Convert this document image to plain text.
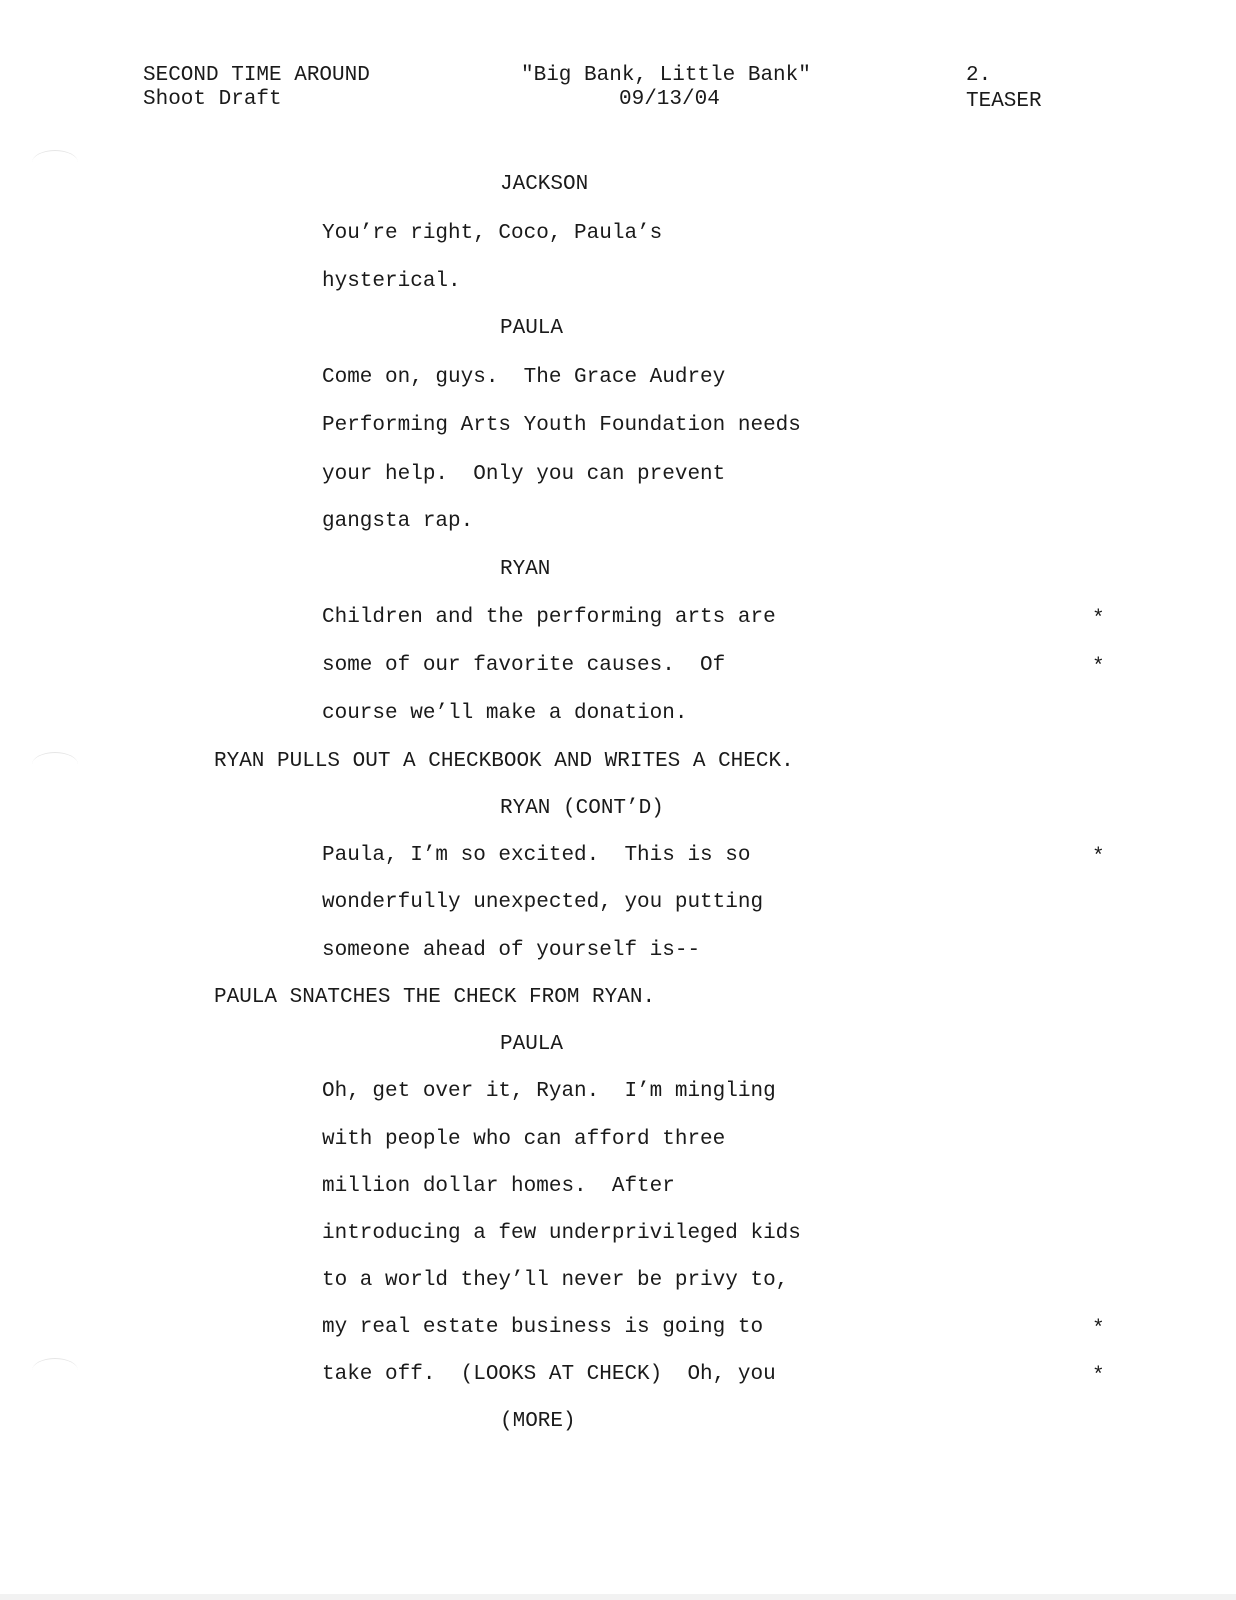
SECOND TIME AROUND
Shoot Draft
"Big Bank, Little Bank"
09/13/04
2.
TEASER
JACKSON
You’re right, Coco, Paula’s
hysterical.
PAULA
Come on, guys.  The Grace Audrey
Performing Arts Youth Foundation needs
your help.  Only you can prevent
gangsta rap.
RYAN
Children and the performing arts are	*
some of our favorite causes.  Of	*
course we’ll make a donation.
RYAN PULLS OUT A CHECKBOOK AND WRITES A CHECK.
RYAN (CONT’D)
Paula, I’m so excited.  This is so	*
wonderfully unexpected, you putting
someone ahead of yourself is--
PAULA SNATCHES THE CHECK FROM RYAN.
PAULA
Oh, get over it, Ryan.  I’m mingling
with people who can afford three
million dollar homes.  After
introducing a few underprivileged kids
to a world they’ll never be privy to,
my real estate business is going to	*
take off.  (LOOKS AT CHECK)  Oh, you	*
(MORE)
